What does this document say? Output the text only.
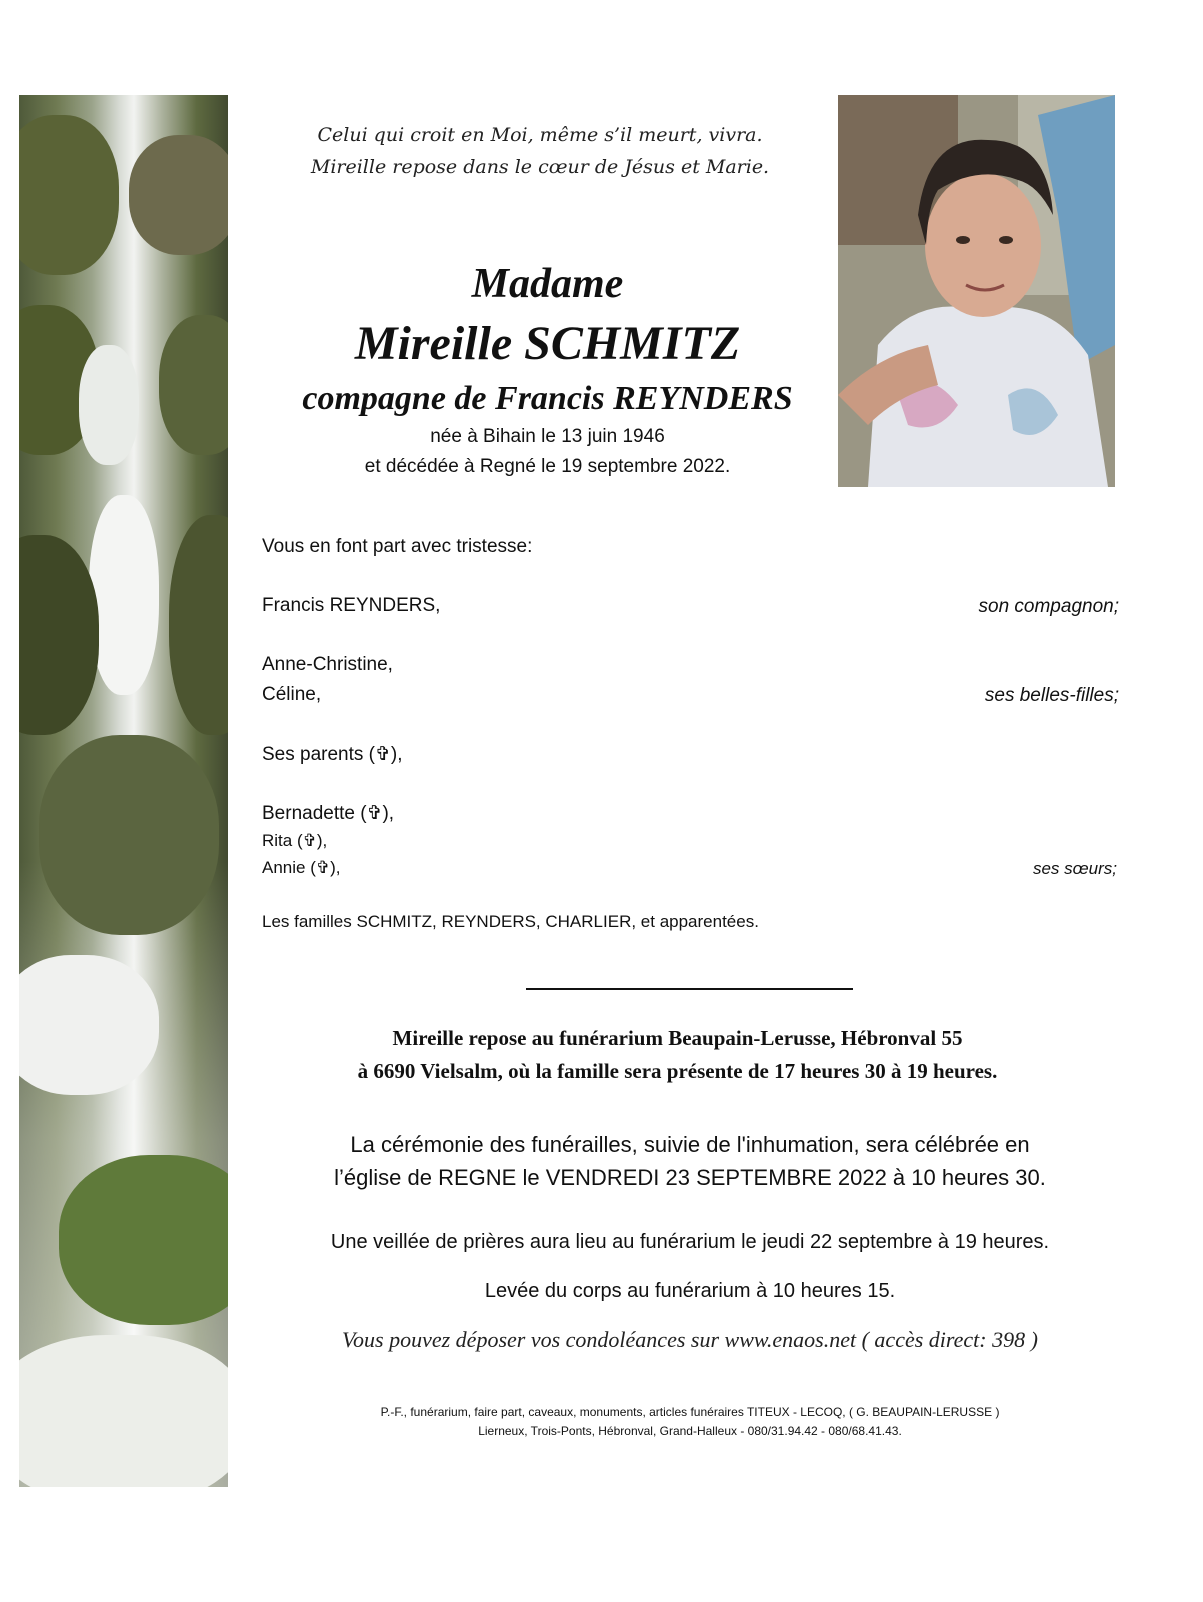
Celui qui croit en Moi, même s’il meurt, vivra.
Mireille repose dans le cœur de Jésus et Marie.
Madame
Mireille SCHMITZ
compagne de Francis REYNDERS
née à Bihain le 13 juin 1946
et décédée à Regné le 19 septembre 2022.
Vous en font part avec tristesse:
Francis REYNDERS,	son compagnon;
Anne-Christine,
Céline,	ses belles-filles;
Ses parents (✞),
Bernadette (✞),
Rita (✞),
Annie (✞),	ses sœurs;
Les familles SCHMITZ, REYNDERS, CHARLIER, et apparentées.
Mireille repose au funérarium Beaupain-Lerusse, Hébronval 55
à 6690 Vielsalm, où la famille sera présente de 17 heures 30 à 19 heures.
La cérémonie des funérailles, suivie de l'inhumation, sera célébrée en
l’église de REGNE le VENDREDI 23 SEPTEMBRE 2022 à 10 heures 30.
Une veillée de prières aura lieu au funérarium le jeudi 22 septembre à 19 heures.
Levée du corps au funérarium à 10 heures 15.
Vous pouvez déposer vos condoléances sur www.enaos.net ( accès direct: 398 )
P.-F., funérarium, faire part, caveaux, monuments, articles funéraires TITEUX - LECOQ, ( G. BEAUPAIN-LERUSSE )
Lierneux, Trois-Ponts, Hébronval, Grand-Halleux - 080/31.94.42 - 080/68.41.43.
